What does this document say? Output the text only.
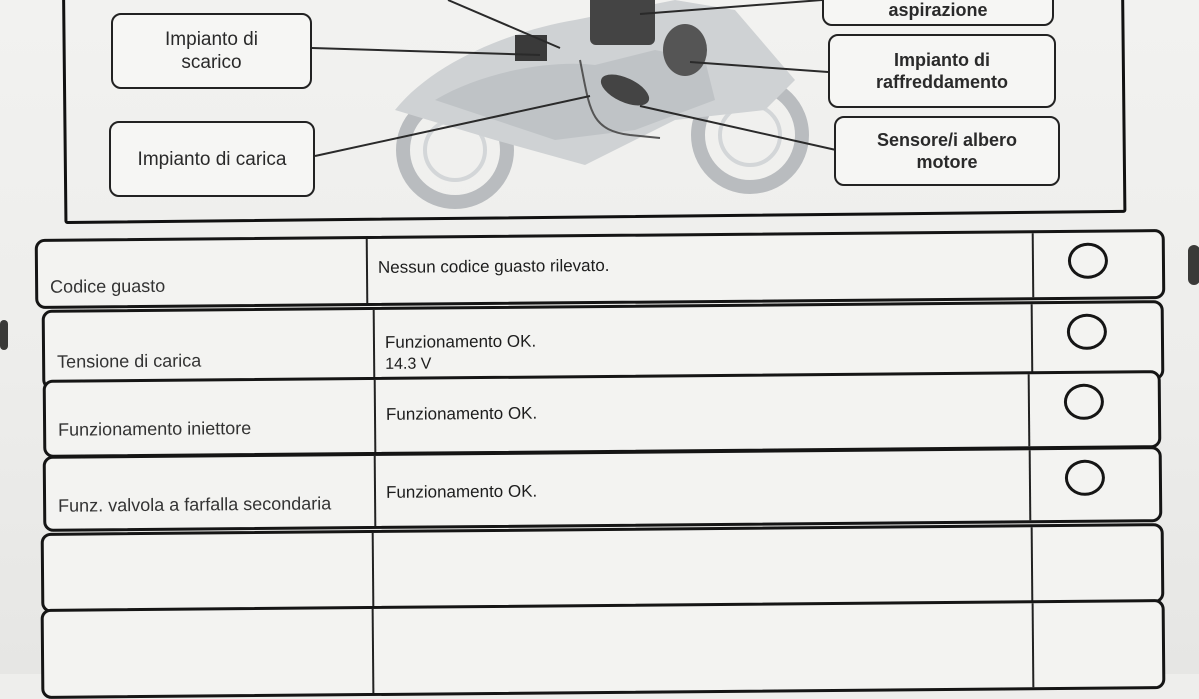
aspirazione
Impianto di
scarico	Impianto di
raffreddamento
Impianto di carica
Sensore/i albero
motore
Codice guasto
Nessun codice guasto rilevato.
Tensione di carica
Funzionamento OK.
14.3 V
Funzionamento iniettore
Funzionamento OK.
Funz. valvola a farfalla secondaria
Funzionamento OK.
